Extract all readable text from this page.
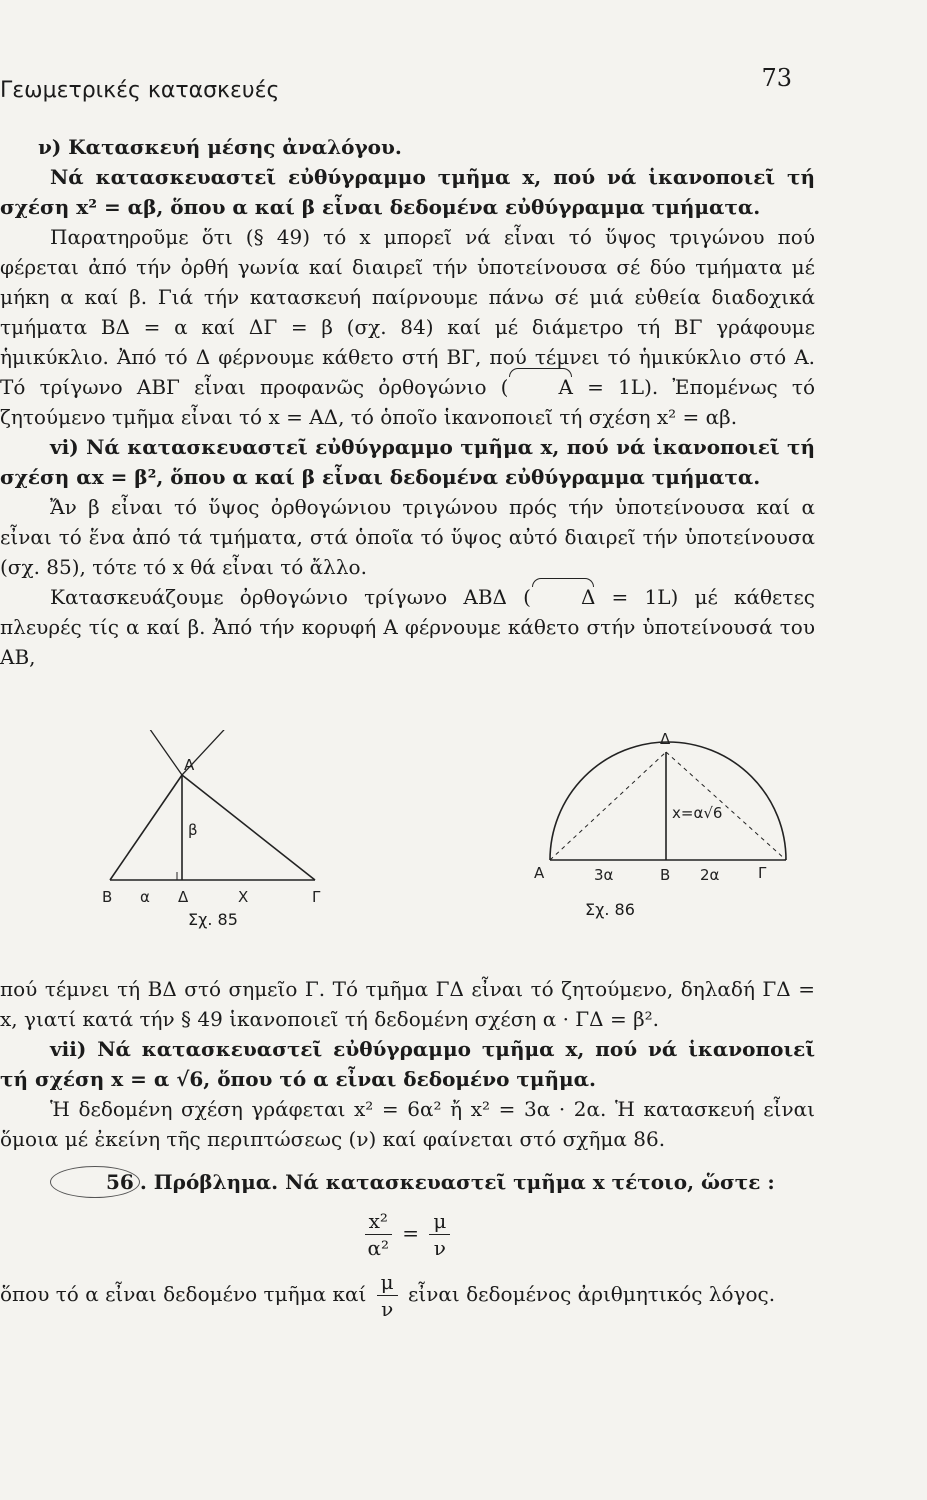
Γεωμετρικές κατασκευές	73

ν) Κατασκευή μέσης ἀναλόγου.

Νά κατασκευαστεῖ εὐθύγραμμο τμῆμα x, πού νά ἱκανοποιεῖ τή σχέση x² = αβ, ὅπου α καί β εἶναι δεδομένα εὐθύγραμμα τμήματα.

Παρατηροῦμε ὅτι (§ 49) τό x μπορεῖ νά εἶναι τό ὕψος τριγώνου πού φέρεται ἀπό τήν ὀρθή γωνία καί διαιρεῖ τήν ὑποτείνουσα σέ δύο τμήματα μέ μήκη α καί β. Γιά τήν κατασκευή παίρνουμε πάνω σέ μιά εὐθεία διαδοχικά τμήματα ΒΔ = α καί ΔΓ = β (σχ. 84) καί μέ διάμετρο τή ΒΓ γράφουμε ἡμικύκλιο. Ἀπό τό Δ φέρνουμε κάθετο στή ΒΓ, πού τέμνει τό ἡμικύκλιο στό Α. Τό τρίγωνο ΑΒΓ εἶναι προφανῶς ὀρθογώνιο (	Α = 1L). Ἐπομένως τό ζητούμενο τμῆμα εἶναι τό x = ΑΔ, τό ὁποῖο ἱκανοποιεῖ τή σχέση x² = αβ.

vi) Νά κατασκευαστεῖ εὐθύγραμμο τμῆμα x, πού νά ἱκανοποιεῖ τή σχέση αx = β², ὅπου α καί β εἶναι δεδομένα εὐθύγραμμα τμήματα.

Ἄν β εἶναι τό ὕψος ὀρθογώνιου τριγώνου πρός τήν ὑποτείνουσα καί α εἶναι τό ἕνα ἀπό τά τμήματα, στά ὁποῖα τό ὕψος αὐτό διαιρεῖ τήν ὑποτείνουσα (σχ. 85), τότε τό x θά εἶναι τό ἄλλο.

Κατασκευάζουμε ὀρθογώνιο τρίγωνο ΑΒΔ (	Δ = 1L) μέ κάθετες πλευρές τίς α καί β. Ἀπό τήν κορυφή Α φέρνουμε κάθετο στήν ὑποτείνουσά του ΑΒ,

Α
Β	Δ	Γ
α
β
Χ
Σχ. 85
Δ
Α	Β	Γ
3α	2α
x=α√6
Σχ. 86

πού τέμνει τή ΒΔ στό σημεῖο Γ. Τό τμῆμα ΓΔ εἶναι τό ζητούμενο, δηλαδή ΓΔ = x, γιατί κατά τήν § 49 ἱκανοποιεῖ τή δεδομένη σχέση α · ΓΔ = β².

vii) Νά κατασκευαστεῖ εὐθύγραμμο τμῆμα x, πού νά ἱκανοποιεῖ τή σχέση x = α √6, ὅπου τό α εἶναι δεδομένο τμῆμα.

Ἡ δεδομένη σχέση γράφεται x² = 6α² ἤ x² = 3α · 2α. Ἡ κατασκευή εἶναι ὅμοια μέ ἐκείνη τῆς περιπτώσεως (ν) καί φαίνεται στό σχῆμα 86.

56 . Πρόβλημα. Νά κατασκευαστεῖ τμῆμα x τέτοιο, ὥστε :

$\frac{\text{x²}}{\text{α²}} = \frac{\mu}{\nu}$

ὅπου τό α εἶναι δεδομένο τμῆμα καί $\frac{\mu}{\nu}$ εἶναι δεδομένος ἀριθμητικός λόγος.
